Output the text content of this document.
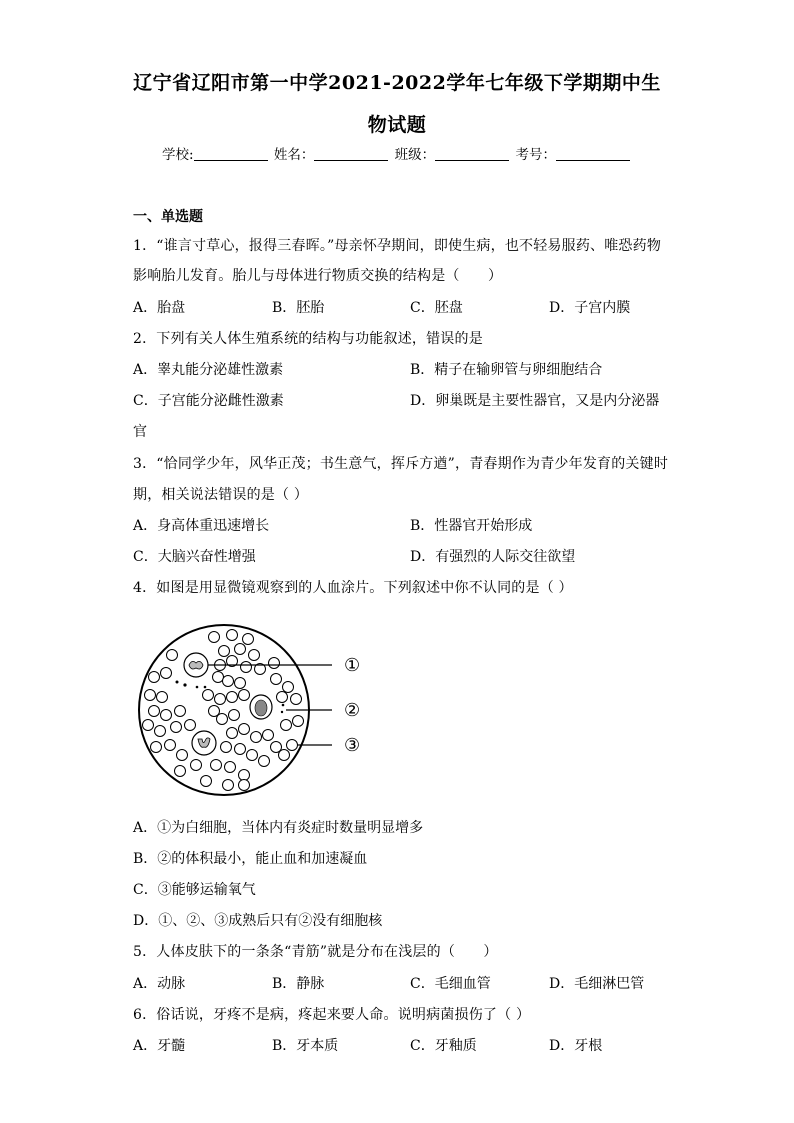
辽宁省辽阳市第一中学2021-2022学年七年级下学期期中生
物试题
学校:	姓名：	班级：	考号：
一、单选题
1．“谁言寸草心，报得三春晖。”母亲怀孕期间，即使生病，也不轻易服药、唯恐药物
影响胎儿发育。胎儿与母体进行物质交换的结构是（　　）
A．胎盘	B．胚胎	C．胚盘	D．子宫内膜
2．下列有关人体生殖系统的结构与功能叙述，错误的是
A．睾丸能分泌雄性激素	B．精子在输卵管与卵细胞结合
C．子宫能分泌雌性激素	D．卵巢既是主要性器官，又是内分泌器
官
3．“恰同学少年，风华正茂；书生意气，挥斥方遒”，青春期作为青少年发育的关键时
期，相关说法错误的是（ ）
A．身高体重迅速增长	B．性器官开始形成
C．大脑兴奋性增强	D．有强烈的人际交往欲望
4．如图是用显微镜观察到的人血涂片。下列叙述中你不认同的是（ ）
①
②
③
A．①为白细胞，当体内有炎症时数量明显增多
B．②的体积最小，能止血和加速凝血
C．③能够运输氧气
D．①、②、③成熟后只有②没有细胞核
5．人体皮肤下的一条条“青筋”就是分布在浅层的（　　）
A．动脉	B．静脉	C．毛细血管	D．毛细淋巴管
6．俗话说，牙疼不是病，疼起来要人命。说明病菌损伤了（ ）
A．牙髓	B．牙本质	C．牙釉质	D．牙根
